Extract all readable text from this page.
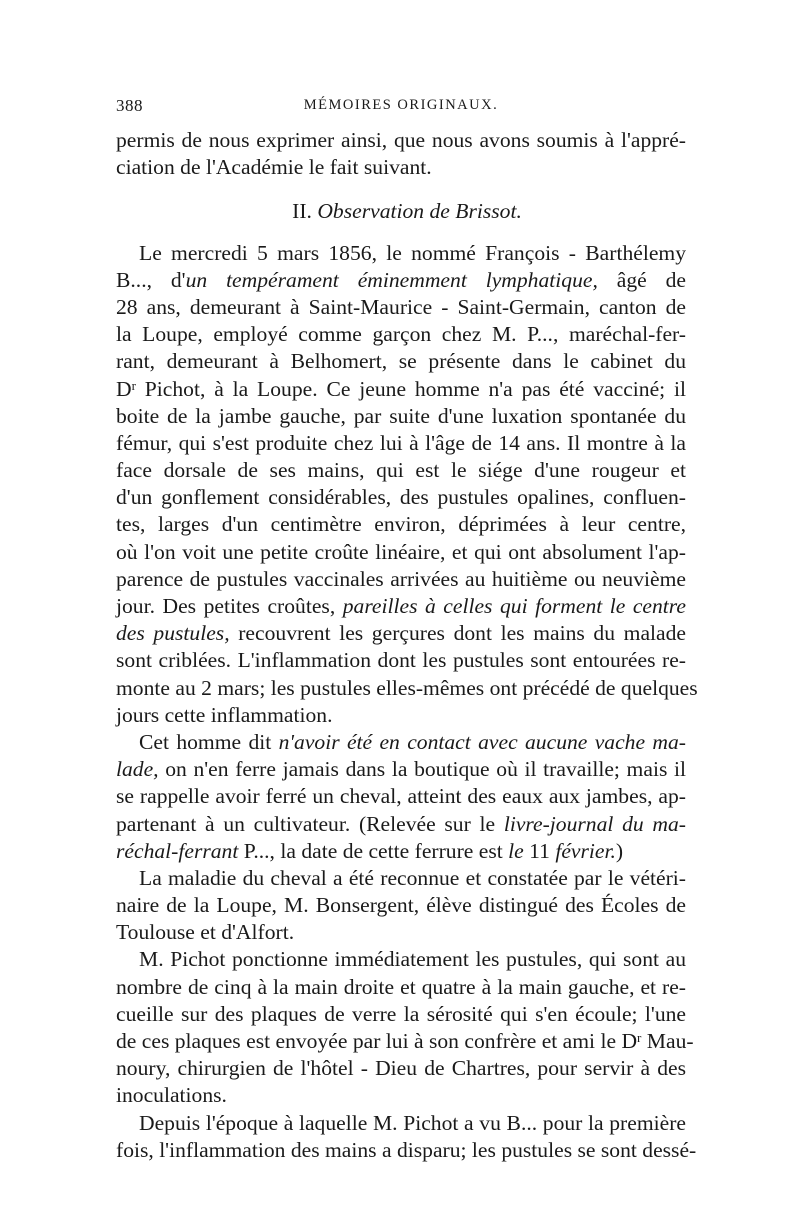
388	MÉMOIRES ORIGINAUX.
permis de nous exprimer ainsi, que nous avons soumis à l'appré-
ciation de l'Académie le fait suivant.
II. Observation de Brissot.
Le mercredi 5 mars 1856, le nommé François - Barthélemy
B..., d'un tempérament éminemment lymphatique, âgé de
28 ans, demeurant à Saint-Maurice - Saint-Germain, canton de
la Loupe, employé comme garçon chez M. P..., maréchal-fer-
rant, demeurant à Belhomert, se présente dans le cabinet du
$D^r$ Pichot, à la Loupe. Ce jeune homme n'a pas été vacciné; il
boite de la jambe gauche, par suite d'une luxation spontanée du
fémur, qui s'est produite chez lui à l'âge de 14 ans. Il montre à la
face dorsale de ses mains, qui est le siége d'une rougeur et
d'un gonflement considérables, des pustules opalines, confluen-
tes, larges d'un centimètre environ, déprimées à leur centre,
où l'on voit une petite croûte linéaire, et qui ont absolument l'ap-
parence de pustules vaccinales arrivées au huitième ou neuvième
jour. Des petites croûtes, pareilles à celles qui forment le centre
des pustules, recouvrent les gerçures dont les mains du malade
sont criblées. L'inflammation dont les pustules sont entourées re-
monte au 2 mars; les pustules elles-mêmes ont précédé de quelques
jours cette inflammation.
Cet homme dit n'avoir été en contact avec aucune vache ma-
lade, on n'en ferre jamais dans la boutique où il travaille; mais il
se rappelle avoir ferré un cheval, atteint des eaux aux jambes, ap-
partenant à un cultivateur. (Relevée sur le livre-journal du ma-
réchal-ferrant P..., la date de cette ferrure est le 11 février.)
La maladie du cheval a été reconnue et constatée par le vétéri-
naire de la Loupe, M. Bonsergent, élève distingué des Écoles de
Toulouse et d'Alfort.
M. Pichot ponctionne immédiatement les pustules, qui sont au
nombre de cinq à la main droite et quatre à la main gauche, et re-
cueille sur des plaques de verre la sérosité qui s'en écoule; l'une
de ces plaques est envoyée par lui à son confrère et ami le $D^r$ Mau-
noury, chirurgien de l'hôtel - Dieu de Chartres, pour servir à des
inoculations.
Depuis l'époque à laquelle M. Pichot a vu B... pour la première
fois, l'inflammation des mains a disparu; les pustules se sont dessé-
